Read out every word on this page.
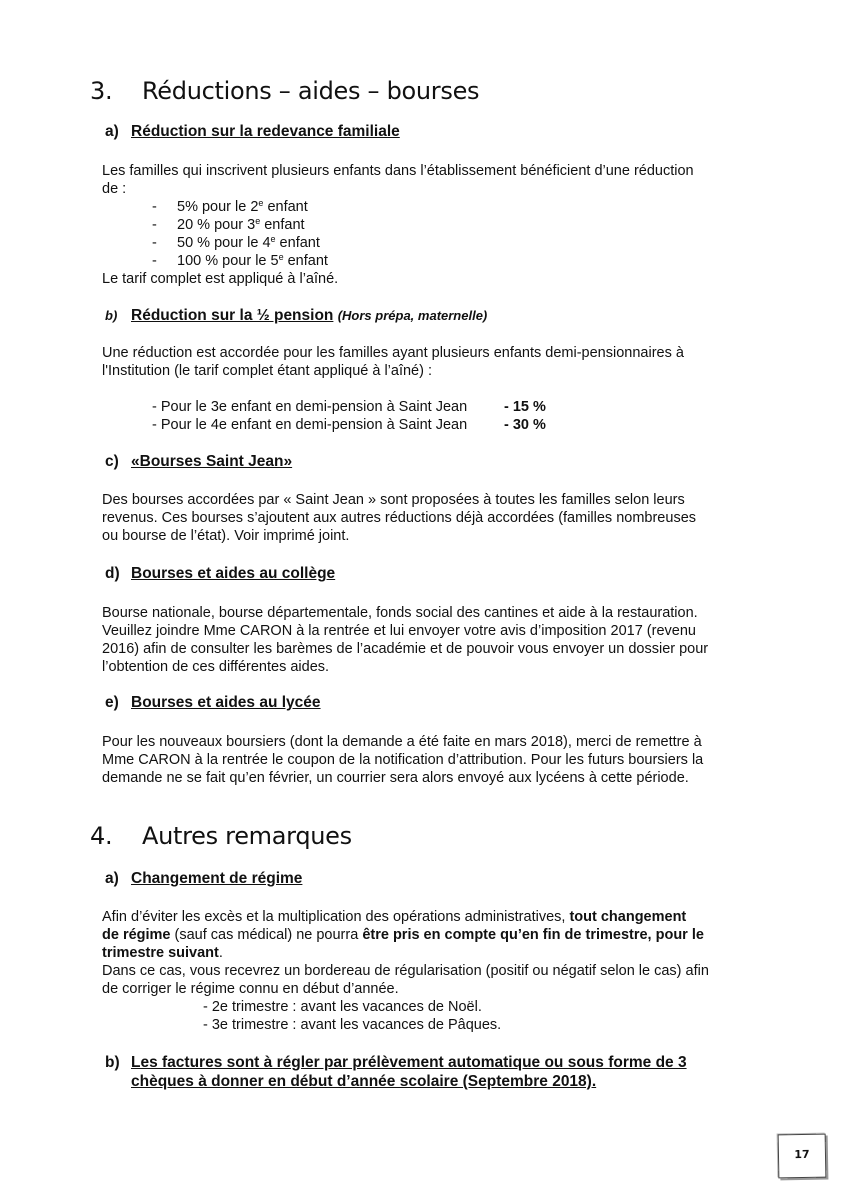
3. Réductions – aides – bourses
a) Réduction sur la redevance familiale
Les familles qui inscrivent plusieurs enfants dans l’établissement bénéficient d’une réduction
de :
- 5% pour le 2e enfant
- 20 % pour 3e enfant
- 50 % pour le 4e enfant
- 100 % pour le 5e enfant
Le tarif complet est appliqué à l’aîné.
b) Réduction sur la ½ pension (Hors prépa, maternelle)
Une réduction est accordée pour les familles ayant plusieurs enfants demi-pensionnaires à
l'Institution (le tarif complet étant appliqué à l’aîné) :
- Pour le 3e enfant en demi-pension à Saint Jean	- 15 %
- Pour le 4e enfant en demi-pension à Saint Jean	- 30 %
c) «Bourses Saint Jean»
Des bourses accordées par « Saint Jean » sont proposées à toutes les familles selon leurs
revenus. Ces bourses s’ajoutent aux autres réductions déjà accordées (familles nombreuses
ou bourse de l’état). Voir imprimé joint.
d) Bourses et aides au collège
Bourse nationale, bourse départementale, fonds social des cantines et aide à la restauration.
Veuillez joindre Mme CARON à la rentrée et lui envoyer votre avis d’imposition 2017 (revenu
2016) afin de consulter les barèmes de l’académie et de pouvoir vous envoyer un dossier pour
l’obtention de ces différentes aides.
e) Bourses et aides au lycée
Pour les nouveaux boursiers (dont la demande a été faite en mars 2018), merci de remettre à
Mme CARON à la rentrée le coupon de la notification d’attribution. Pour les futurs boursiers la
demande ne se fait qu’en février, un courrier sera alors envoyé aux lycéens à cette période.
4. Autres remarques
a) Changement de régime
Afin d’éviter les excès et la multiplication des opérations administratives, tout changement
de régime (sauf cas médical) ne pourra être pris en compte qu’en fin de trimestre, pour le
trimestre suivant.
Dans ce cas, vous recevrez un bordereau de régularisation (positif ou négatif selon le cas) afin
de corriger le régime connu en début d’année.
- 2e trimestre : avant les vacances de Noël.
- 3e trimestre : avant les vacances de Pâques.
b) Les factures sont à régler par prélèvement automatique ou sous forme de 3
chèques à donner en début d’année scolaire (Septembre 2018).
17
